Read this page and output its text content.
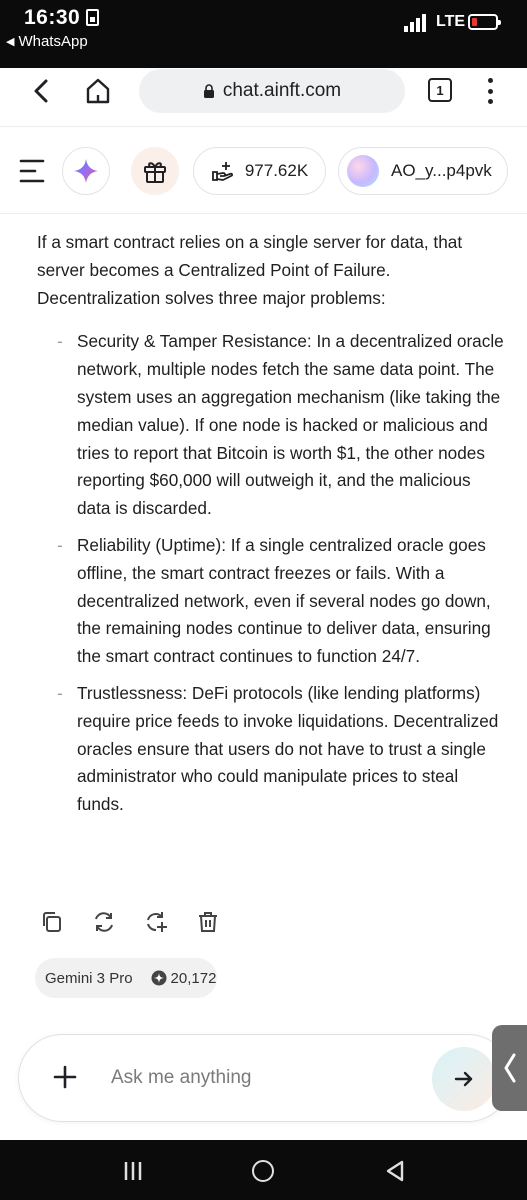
16:30
◀ WhatsApp
LTE
chat.ainft.com	1
977.62K	AO_y...p4pvk

If a smart contract relies on a single server for data, that server becomes a Centralized Point of Failure. Decentralization solves three major problems:

- Security & Tamper Resistance: In a decentralized oracle network, multiple nodes fetch the same data point. The system uses an aggregation mechanism (like taking the median value). If one node is hacked or malicious and tries to report that Bitcoin is worth $1, the other nodes reporting $60,000 will outweigh it, and the malicious data is discarded.
- Reliability (Uptime): If a single centralized oracle goes offline, the smart contract freezes or fails. With a decentralized network, even if several nodes go down, the remaining nodes continue to deliver data, ensuring the smart contract continues to function 24/7.
- Trustlessness: DeFi protocols (like lending platforms) require price feeds to invoke liquidations. Decentralized oracles ensure that users do not have to trust a single administrator who could manipulate prices to steal funds.
Gemini 3 Pro	20,172
Ask me anything
